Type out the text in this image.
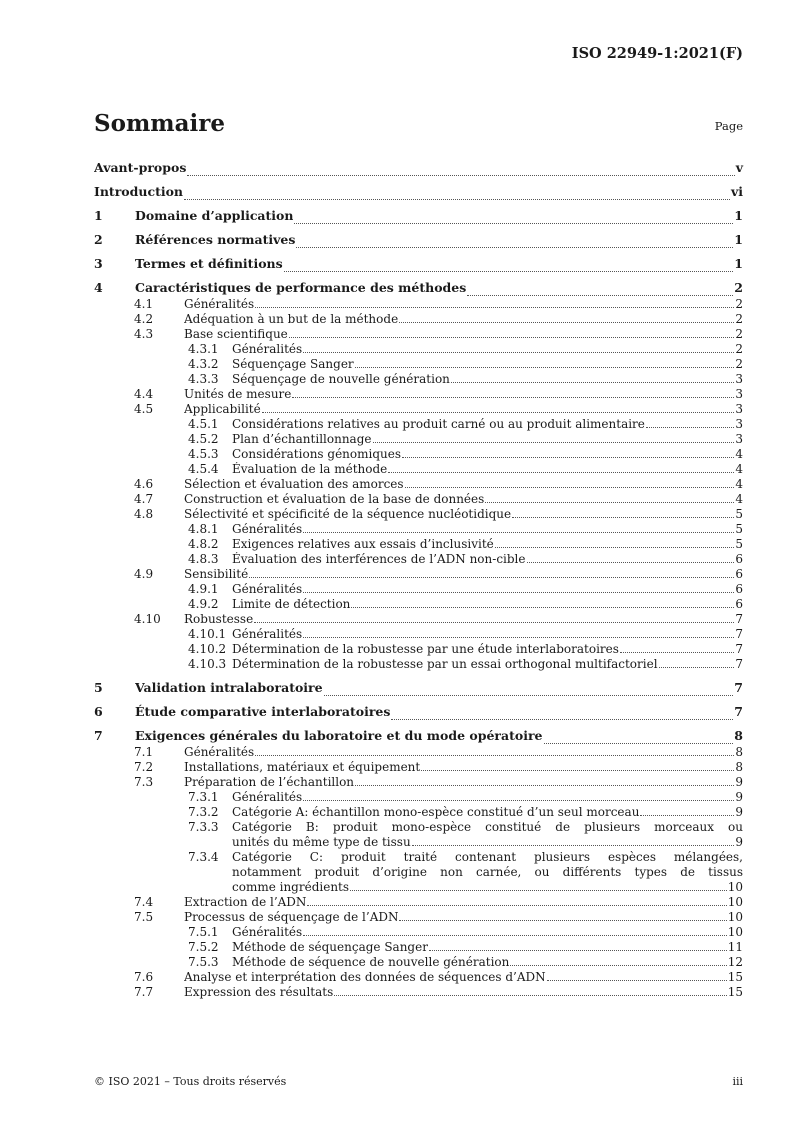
ISO 22949-1:2021(F)
Sommaire	Page
Avant-propos	v
Introduction	vi
1	Domaine d’application	1
2	Références normatives	1
3	Termes et définitions	1
4	Caractéristiques de performance des méthodes	2
4.1	Généralités	2
4.2	Adéquation à un but de la méthode	2
4.3	Base scientifique	2
4.3.1	Généralités	2
4.3.2	Séquençage Sanger	2
4.3.3	Séquençage de nouvelle génération	3
4.4	Unités de mesure	3
4.5	Applicabilité	3
4.5.1	Considérations relatives au produit carné ou au produit alimentaire	3
4.5.2	Plan d’échantillonnage	3
4.5.3	Considérations génomiques	4
4.5.4	Évaluation de la méthode	4
4.6	Sélection et évaluation des amorces	4
4.7	Construction et évaluation de la base de données	4
4.8	Sélectivité et spécificité de la séquence nucléotidique	5
4.8.1	Généralités	5
4.8.2	Exigences relatives aux essais d’inclusivité	5
4.8.3	Évaluation des interférences de l’ADN non-cible	6
4.9	Sensibilité	6
4.9.1	Généralités	6
4.9.2	Limite de détection	6
4.10	Robustesse	7
4.10.1 Généralités	7
4.10.2 Détermination de la robustesse par une étude interlaboratoires	7
4.10.3 Détermination de la robustesse par un essai orthogonal multifactoriel	7
5	Validation intralaboratoire	7
6	Étude comparative interlaboratoires	7
7	Exigences générales du laboratoire et du mode opératoire	8
7.1	Généralités	8
7.2	Installations, matériaux et équipement	8
7.3	Préparation de l’échantillon	9
7.3.1	Généralités	9
7.3.2	Catégorie A: échantillon mono-espèce constitué d’un seul morceau	9
7.3.3	Catégorie B: produit mono-espèce constitué de plusieurs morceaux ou
unités du même type de tissu	9
7.3.4	Catégorie C: produit traité contenant plusieurs espèces mélangées,
notamment produit d’origine non carnée, ou différents types de tissus
comme ingrédients	10
7.4	Extraction de l’ADN	10
7.5	Processus de séquençage de l’ADN	10
7.5.1	Généralités	10
7.5.2	Méthode de séquençage Sanger	11
7.5.3	Méthode de séquence de nouvelle génération	12
7.6	Analyse et interprétation des données de séquences d’ADN	15
7.7	Expression des résultats	15
© ISO 2021 – Tous droits réservés	iii
